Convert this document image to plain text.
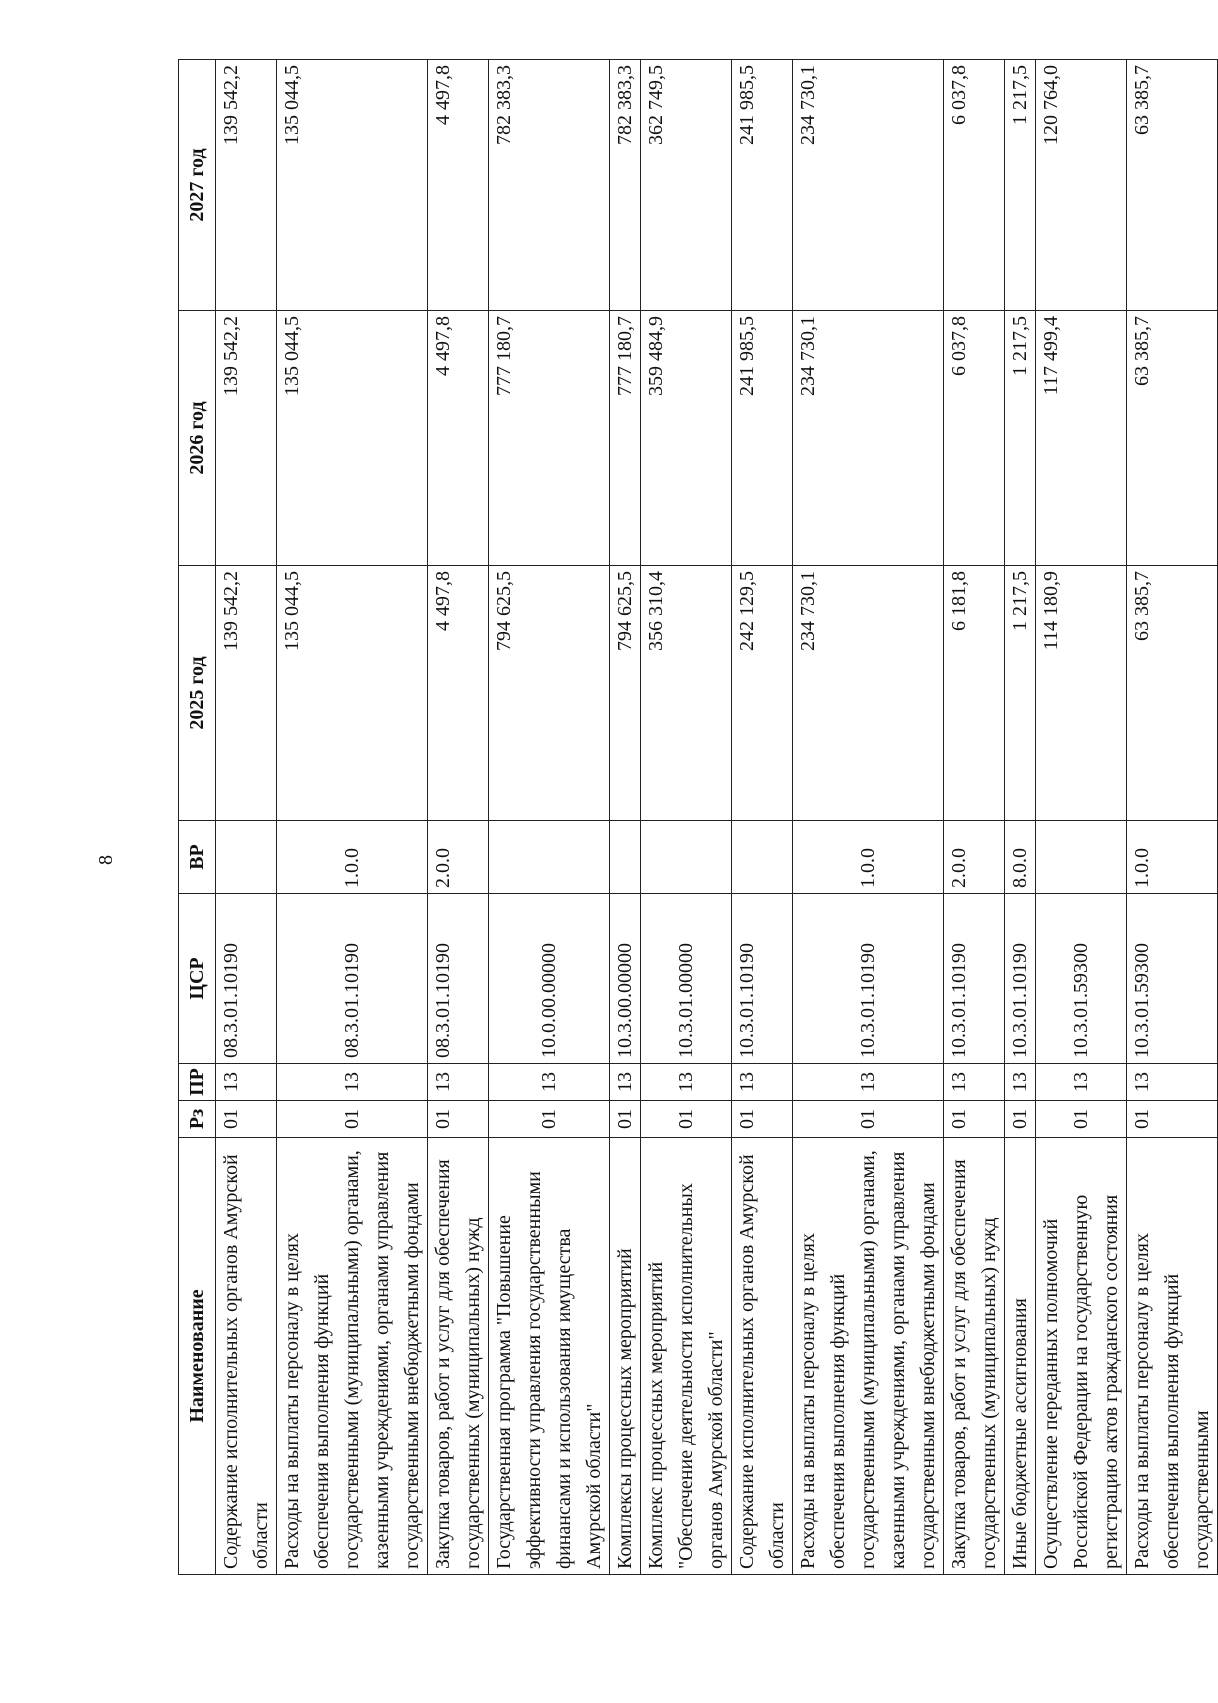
8
Наименование	Рз	ПР	ЦСР	ВР	2025 год	2026 год	2027 год
Содержание исполнительных органов Амурской области	01	13	08.3.01.10190		139 542,2	139 542,2	139 542,2
Расходы на выплаты персоналу в целях обеспечения выполнения функций государственными (муниципальными) органами, казенными учреждениями, органами управления государственными внебюджетными фондами	01	13	08.3.01.10190	1.0.0	135 044,5	135 044,5	135 044,5
Закупка товаров, работ и услуг для обеспечения государственных (муниципальных) нужд	01	13	08.3.01.10190	2.0.0	4 497,8	4 497,8	4 497,8
Государственная программа "Повышение эффективности управления государственными финансами и использования имущества Амурской области"	01	13	10.0.00.00000		794 625,5	777 180,7	782 383,3
Комплексы процессных мероприятий	01	13	10.3.00.00000		794 625,5	777 180,7	782 383,3
Комплекс процессных мероприятий "Обеспечение деятельности исполнительных органов Амурской области"	01	13	10.3.01.00000		356 310,4	359 484,9	362 749,5
Содержание исполнительных органов Амурской области	01	13	10.3.01.10190		242 129,5	241 985,5	241 985,5
Расходы на выплаты персоналу в целях обеспечения выполнения функций государственными (муниципальными) органами, казенными учреждениями, органами управления государственными внебюджетными фондами	01	13	10.3.01.10190	1.0.0	234 730,1	234 730,1	234 730,1
Закупка товаров, работ и услуг для обеспечения государственных (муниципальных) нужд	01	13	10.3.01.10190	2.0.0	6 181,8	6 037,8	6 037,8
Иные бюджетные ассигнования	01	13	10.3.01.10190	8.0.0	1 217,5	1 217,5	1 217,5
Осуществление переданных полномочий Российской Федерации на государственную регистрацию актов гражданского состояния	01	13	10.3.01.59300		114 180,9	117 499,4	120 764,0
Расходы на выплаты персоналу в целях обеспечения выполнения функций государственными	01	13	10.3.01.59300	1.0.0	63 385,7	63 385,7	63 385,7
